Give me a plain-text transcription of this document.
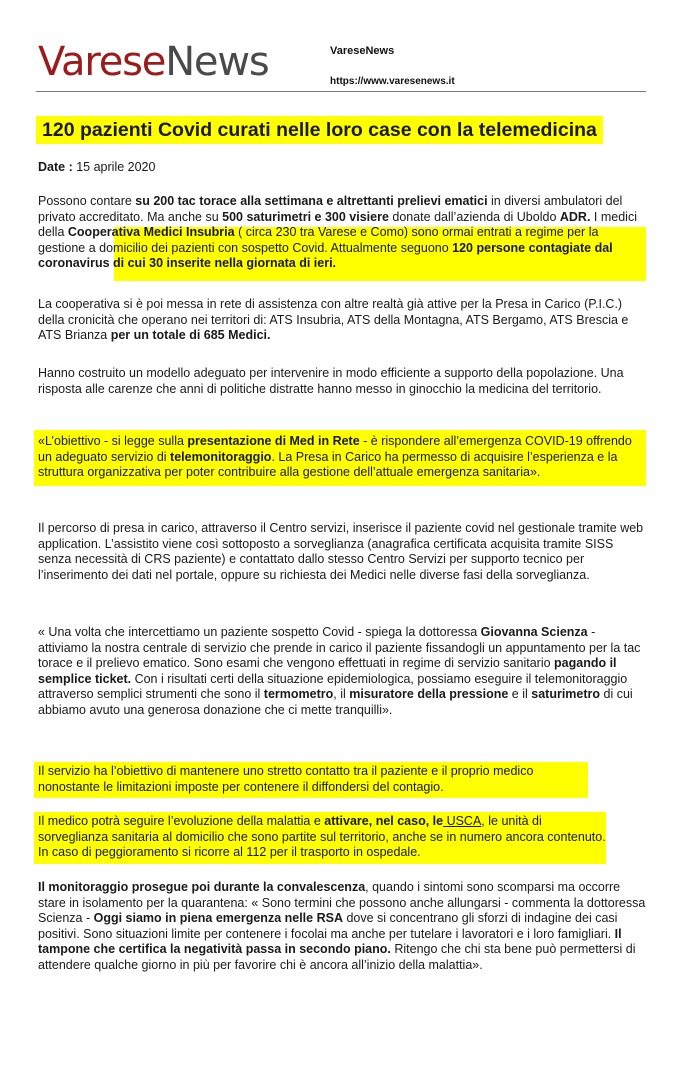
VareseNews	VareseNews
https://www.varesenews.it
120 pazienti Covid curati nelle loro case con la telemedicina
Date : 15 aprile 2020

Possono contare su 200 tac torace alla settimana e altrettanti prelievi ematici in diversi ambulatori del privato accreditato. Ma anche su 500 saturimetri e 300 visiere donate dall’azienda di Uboldo ADR. I medici della Cooperativa Medici Insubria ( circa 230 tra Varese e Como) sono ormai entrati a regime per la gestione a domicilio dei pazienti con sospetto Covid. Attualmente seguono 120 persone contagiate dal coronavirus di cui 30 inserite nella giornata di ieri.

La cooperativa si è poi messa in rete di assistenza con altre realtà già attive per la Presa in Carico (P.I.C.) della cronicità che operano nei territori di: ATS Insubria, ATS della Montagna, ATS Bergamo, ATS Brescia e ATS Brianza per un totale di 685 Medici.

Hanno costruito un modello adeguato per intervenire in modo efficiente a supporto della popolazione. Una risposta alle carenze che anni di politiche distratte hanno messo in ginocchio la medicina del territorio.

«L’obiettivo - si legge sulla presentazione di Med in Rete - è rispondere all’emergenza COVID-19 offrendo un adeguato servizio di telemonitoraggio. La Presa in Carico ha permesso di acquisire l’esperienza e la struttura organizzativa per poter contribuire alla gestione dell’attuale emergenza sanitaria».

Il percorso di presa in carico, attraverso il Centro servizi, inserisce il paziente covid nel gestionale tramite web application. L’assistito viene così sottoposto a sorveglianza (anagrafica certificata acquisita tramite SISS senza necessità di CRS paziente) e contattato dallo stesso Centro Servizi per supporto tecnico per l’inserimento dei dati nel portale, oppure su richiesta dei Medici nelle diverse fasi della sorveglianza.

« Una volta che intercettiamo un paziente sospetto Covid - spiega la dottoressa Giovanna Scienza - attiviamo la nostra centrale di servizio che prende in carico il paziente fissandogli un appuntamento per la tac torace e il prelievo ematico. Sono esami che vengono effettuati in regime di servizio sanitario pagando il semplice ticket. Con i risultati certi della situazione epidemiologica, possiamo eseguire il telemonitoraggio attraverso semplici strumenti che sono il termometro, il misuratore della pressione e il saturimetro di cui abbiamo avuto una generosa donazione che ci mette tranquilli».

Il servizio ha l’obiettivo di mantenere uno stretto contatto tra il paziente e il proprio medico nonostante le limitazioni imposte per contenere il diffondersi del contagio.

Il medico potrà seguire l’evoluzione della malattia e attivare, nel caso, le USCA, le unità di sorveglianza sanitaria al domicilio che sono partite sul territorio, anche se in numero ancora contenuto. In caso di peggioramento si ricorre al 112 per il trasporto in ospedale.

Il monitoraggio prosegue poi durante la convalescenza, quando i sintomi sono scomparsi ma occorre stare in isolamento per la quarantena: « Sono termini che possono anche allungarsi - commenta la dottoressa Scienza - Oggi siamo in piena emergenza nelle RSA dove si concentrano gli sforzi di indagine dei casi positivi. Sono situazioni limite per contenere i focolai ma anche per tutelare i lavoratori e i loro famigliari. Il tampone che certifica la negatività passa in secondo piano. Ritengo che chi sta bene può permettersi di attendere qualche giorno in più per favorire chi è ancora all’inizio della malattia».
